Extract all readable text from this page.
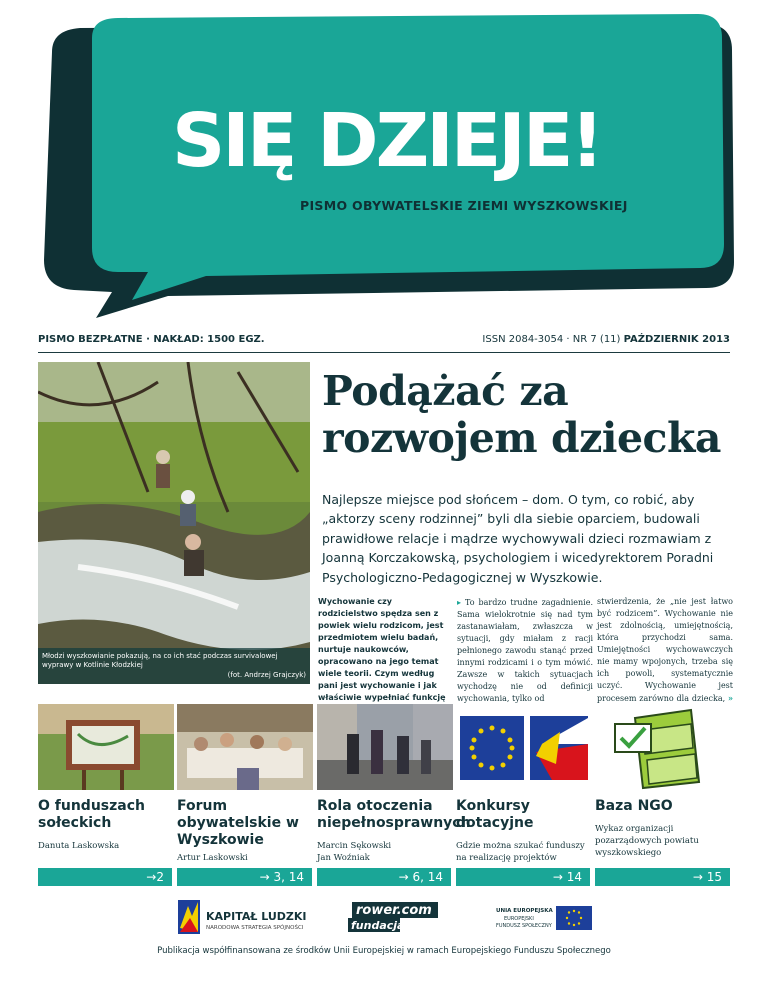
SIĘ DZIEJE!
PISMO OBYWATELSKIE ZIEMI WYSZKOWSKIEJ
PISMO BEZPŁATNE · NAKŁAD: 1500 EGZ.	ISSN 2084-3054 · NR 7 (11) PAŹDZIERNIK 2013
Młodzi wyszkowianie pokazują, na co ich stać podczas survivalowej wyprawy w Kotlinie Kłodzkiej
(fot. Andrzej Grajczyk)
Podążać za rozwojem dziecka

Najlepsze miejsce pod słońcem – dom. O tym, co robić, aby „aktorzy sceny rodzinnej” byli dla siebie oparciem, budowali prawidłowe relacje i mądrze wychowywali dzieci rozmawiam z Joanną Korczakowską, psychologiem i wicedyrektorem Poradni Psychologiczno-Pedagogicznej w Wyszkowie.

Wychowanie czy rodzicielstwo spędza sen z powiek wielu rodzicom, jest przedmiotem wielu badań, nurtuje naukowców, opracowano na jego temat wiele teorii. Czym według pani jest wychowanie i jak właściwie wypełniać funkcję
▸ To bardzo trudne zagadnienie. Sama wielokrotnie się nad tym zastanawiałam, zwłaszcza w sytuacji, gdy miałam z racji pełnionego zawodu stanąć przed innymi rodzicami i o tym mówić. Zawsze w takich sytuacjach wychodzę nie od definicji wychowania, tylko od
stwierdzenia, że „nie jest łatwo być rodzicem”. Wychowanie nie jest zdolnością, umiejętnością, która przychodzi sama. Umiejętności wychowawczych nie mamy wpojonych, trzeba się ich powoli, systematycznie uczyć. Wychowanie jest procesem zarówno dla dziecka, »
O funduszach sołeckich
Danuta Laskowska
Forum obywatelskie w Wyszkowie
Artur Laskowski
Rola otoczenia niepełnosprawnych
Marcin Sękowski
Jan Woźniak
Konkursy dotacyjne
Gdzie można szukać funduszy na realizację projektów
Baza NGO
Wykaz organizacji pozarządowych powiatu wyszkowskiego
→2	→ 3, 14	→ 6, 14	→ 14	→ 15
KAPITAŁ LUDZKI
NARODOWA STRATEGIA SPÓJNOŚCI
rower.com
fundacja
UNIA EUROPEJSKA
EUROPEJSKI
FUNDUSZ SPOŁECZNY
Publikacja współfinansowana ze środków Unii Europejskiej w ramach Europejskiego Funduszu Społecznego
